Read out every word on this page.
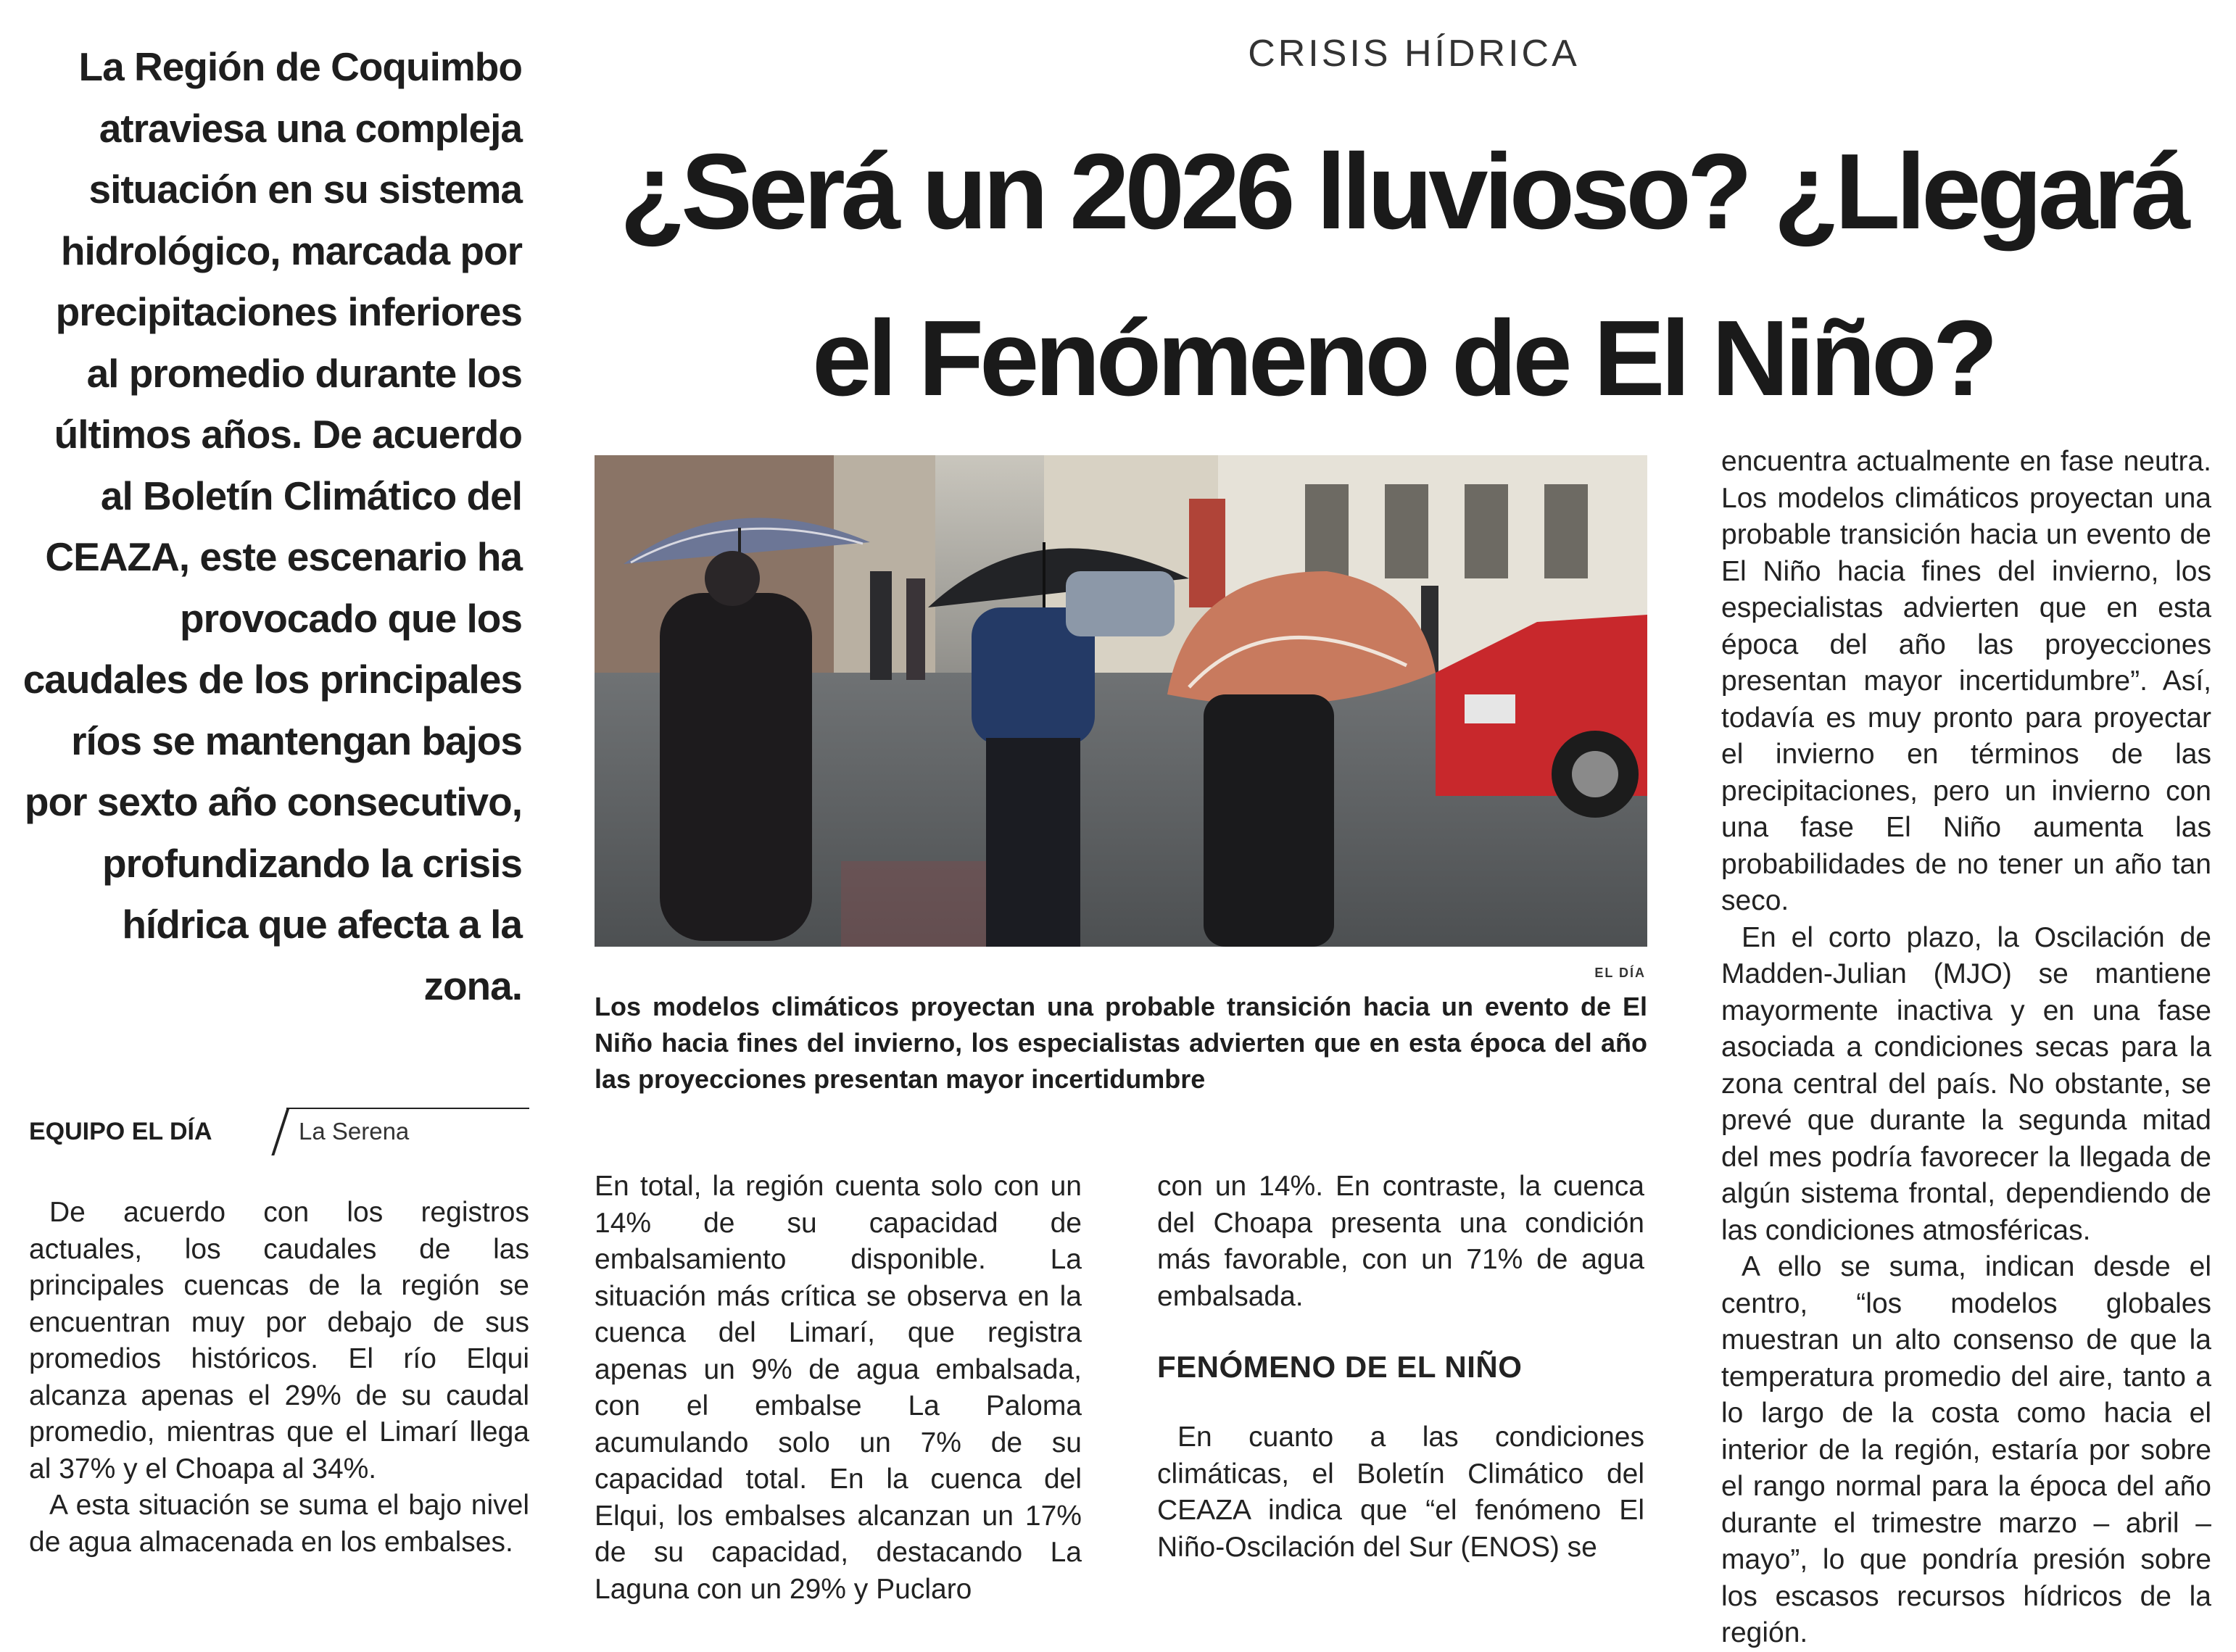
CRISIS HÍDRICA
¿Será un 2026 lluvioso? ¿Llegará el Fenómeno de El Niño?
La Región de Coquimbo atraviesa una compleja situación en su sistema hidrológico, marcada por precipitaciones inferiores al promedio durante los últimos años. De acuerdo al Boletín Climático del CEAZA, este escenario ha provocado que los caudales de los principales ríos se mantengan bajos por sexto año consecutivo, profundizando la crisis hídrica que afecta a la zona.
EQUIPO EL DÍA	La Serena
EL DÍA
Los modelos climáticos proyectan una probable transición hacia un evento de El Niño hacia fines del invierno, los especialistas advierten que en esta época del año las proyecciones presentan mayor incertidumbre

De acuerdo con los registros actuales, los caudales de las principales cuencas de la región se encuentran muy por debajo de sus promedios históricos. El río Elqui alcanza apenas el 29% de su caudal promedio, mientras que el Limarí llega al 37% y el Choapa al 34%.

A esta situación se suma el bajo nivel de agua almacenada en los embalses.

En total, la región cuenta solo con un 14% de su capacidad de embalsamiento disponible. La situación más crítica se observa en la cuenca del Limarí, que registra apenas un 9% de agua embalsada, con el embalse La Paloma acumulando solo un 7% de su capacidad total. En la cuenca del Elqui, los embalses alcanzan un 17% de su capacidad, destacando La Laguna con un 29% y Puclaro

con un 14%. En contraste, la cuenca del Choapa presenta una condición más favorable, con un 71% de agua embalsada.

FENÓMENO DE EL NIÑO

En cuanto a las condiciones climáticas, el Boletín Climático del CEAZA indica que “el fenómeno El Niño-Oscilación del Sur (ENOS) se

encuentra actualmente en fase neutra. Los modelos climáticos proyectan una probable transición hacia un evento de El Niño hacia fines del invierno, los especialistas advierten que en esta época del año las proyecciones presentan mayor incertidumbre”. Así, todavía es muy pronto para proyectar el invierno en términos de las precipitaciones, pero un invierno con una fase El Niño aumenta las probabilidades de no tener un año tan seco.

En el corto plazo, la Oscilación de Madden-Julian (MJO) se mantiene mayormente inactiva y en una fase asociada a condiciones secas para la zona central del país. No obstante, se prevé que durante la segunda mitad del mes podría favorecer la llegada de algún sistema frontal, dependiendo de las condiciones atmosféricas.

A ello se suma, indican desde el centro, “los modelos globales muestran un alto consenso de que la temperatura promedio del aire, tanto a lo largo de la costa como hacia el interior de la región, estaría por sobre el rango normal para la época del año durante el trimestre marzo – abril – mayo”, lo que pondría presión sobre los escasos recursos hídricos de la región.
